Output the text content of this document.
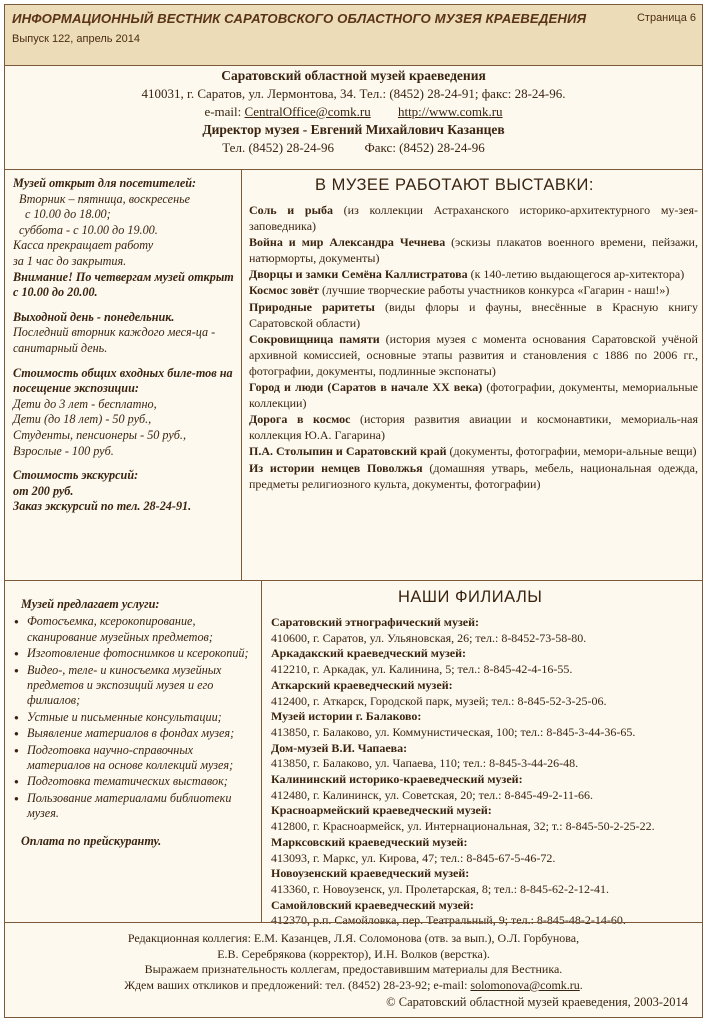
ИНФОРМАЦИОННЫЙ ВЕСТНИК САРАТОВСКОГО ОБЛАСТНОГО МУЗЕЯ КРАЕВЕДЕНИЯ
Выпуск 122, апрель 2014
Страница 6
Саратовский областной музей краеведения
410031, г. Саратов, ул. Лермонтова, 34. Тел.: (8452) 28-24-91; факс: 28-24-96.
e-mail: CentralOffice@comk.ru http://www.comk.ru
Директор музея - Евгений Михайлович Казанцев
Тел. (8452) 28-24-96 Факс: (8452) 28-24-96

Музей открыт для посетителей:

Вторник – пятница, воскресенье

с 10.00 до 18.00;

суббота - с 10.00 до 19.00.

Касса прекращает работу

за 1 час до закрытия.

Внимание! По четвергам музей открыт с 10.00 до 20.00.

Выходной день - понедельник.

Последний вторник каждого меся-ца - санитарный день.

Стоимость общих входных биле-тов на посещение экспозиции:

Дети до 3 лет - бесплатно,

Дети (до 18 лет) - 50 руб.,

Студенты, пенсионеры - 50 руб.,

Взрослые - 100 руб.

Стоимость экскурсий:

от 200 руб.

Заказ экскурсий по тел. 28-24-91.

В МУЗЕЕ РАБОТАЮТ ВЫСТАВКИ:

Соль и рыба (из коллекции Астраханского историко-архитектурного му-зея-заповедника)

Война и мир Александра Чечнева (эскизы плакатов военного времени, пейзажи, натюрморты, документы)

Дворцы и замки Семёна Каллистратова (к 140-летию выдающегося ар-хитектора)

Космос зовёт (лучшие творческие работы участников конкурса «Гагарин - наш!»)

Природные раритеты (виды флоры и фауны, внесённые в Красную книгу Саратовской области)

Сокровищница памяти (история музея с момента основания Саратовской учёной архивной комиссией, основные этапы развития и становления с 1886 по 2006 гг., фотографии, документы, подлинные экспонаты)

Город и люди (Саратов в начале XX века) (фотографии, документы, мемориальные коллекции)

Дорога в космос (история развития авиации и космонавтики, мемориаль-ная коллекция Ю.А. Гагарина)

П.А. Столыпин и Саратовский край (документы, фотографии, мемори-альные вещи)

Из истории немцев Поволжья (домашняя утварь, мебель, национальная одежда, предметы религиозного культа, документы, фотографии)

Музей предлагает услуги:
● Фотосъемка, ксерокопирование, сканирование музейных предметов;
● Изготовление фотоснимков и ксерокопий;
● Видео-, теле- и киносъемка музейных предметов и экспозиций музея и его филиалов;
● Устные и письменные консультации;
● Выявление материалов в фондах музея;
● Подготовка научно-справочных материалов на основе коллекций музея;
● Подготовка тематических выставок;
● Пользование материалами библиотеки музея.
Оплата по прейскуранту.
НАШИ ФИЛИАЛЫ
Саратовский этнографический музей:
410600, г. Саратов, ул. Ульяновская, 26; тел.: 8-8452-73-58-80.
Аркадакский краеведческий музей:
412210, г. Аркадак, ул. Калинина, 5; тел.: 8-845-42-4-16-55.
Аткарский краеведческий музей:
412400, г. Аткарск, Городской парк, музей; тел.: 8-845-52-3-25-06.
Музей истории г. Балаково:
413850, г. Балаково, ул. Коммунистическая, 100; тел.: 8-845-3-44-36-65.
Дом-музей В.И. Чапаева:
413850, г. Балаково, ул. Чапаева, 110; тел.: 8-845-3-44-26-48.
Калининский историко-краеведческий музей:
412480, г. Калининск, ул. Советская, 20; тел.: 8-845-49-2-11-66.
Красноармейский краеведческий музей:
412800, г. Красноармейск, ул. Интернациональная, 32; т.: 8-845-50-2-25-22.
Марксовский краеведческий музей:
413093, г. Маркс, ул. Кирова, 47; тел.: 8-845-67-5-46-72.
Новоузенский краеведческий музей:
413360, г. Новоузенск, ул. Пролетарская, 8; тел.: 8-845-62-2-12-41.
Самойловский краеведческий музей:
412370, р.п. Самойловка, пер. Театральный, 9; тел.: 8-845-48-2-14-60.
Редакционная коллегия: Е.М. Казанцев, Л.Я. Соломонова (отв. за вып.), О.Л. Горбунова,
Е.В. Серебрякова (корректор), И.Н. Волков (верстка).
Выражаем признательность коллегам, предоставившим материалы для Вестника.
Ждем ваших откликов и предложений: тел. (8452) 28-23-92; e-mail: solomonova@comk.ru.
© Саратовский областной музей краеведения, 2003-2014
